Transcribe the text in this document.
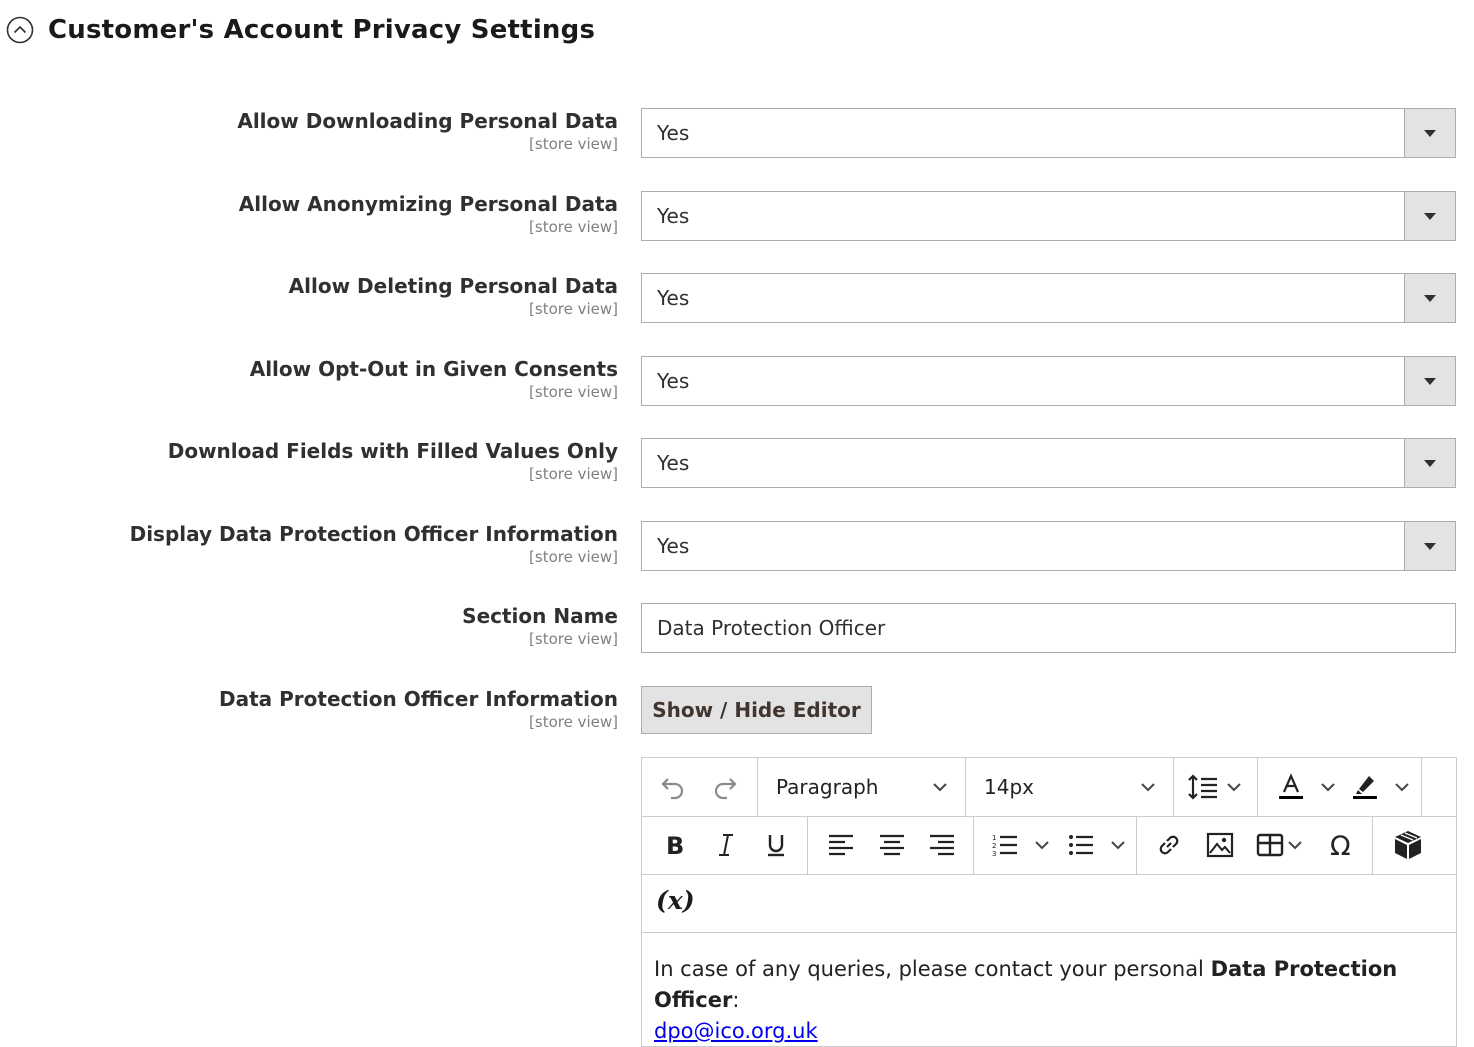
Customer's Account Privacy Settings
Allow Downloading Personal Data
[store view] Yes
Allow Anonymizing Personal Data
[store view] Yes
Allow Deleting Personal Data
[store view] Yes
Allow Opt-Out in Given Consents
[store view] Yes
Download Fields with Filled Values Only
[store view] Yes
Display Data Protection Officer Information
[store view] Yes
Section Name
[store view]
Data Protection Officer
Data Protection Officer Information
[store view]	Show / Hide Editor
Paragraph	14px
B	1
2
3	Ω
(x)
In case of any queries, please contact your personal Data Protection Officer:
dpo@ico.org.uk
